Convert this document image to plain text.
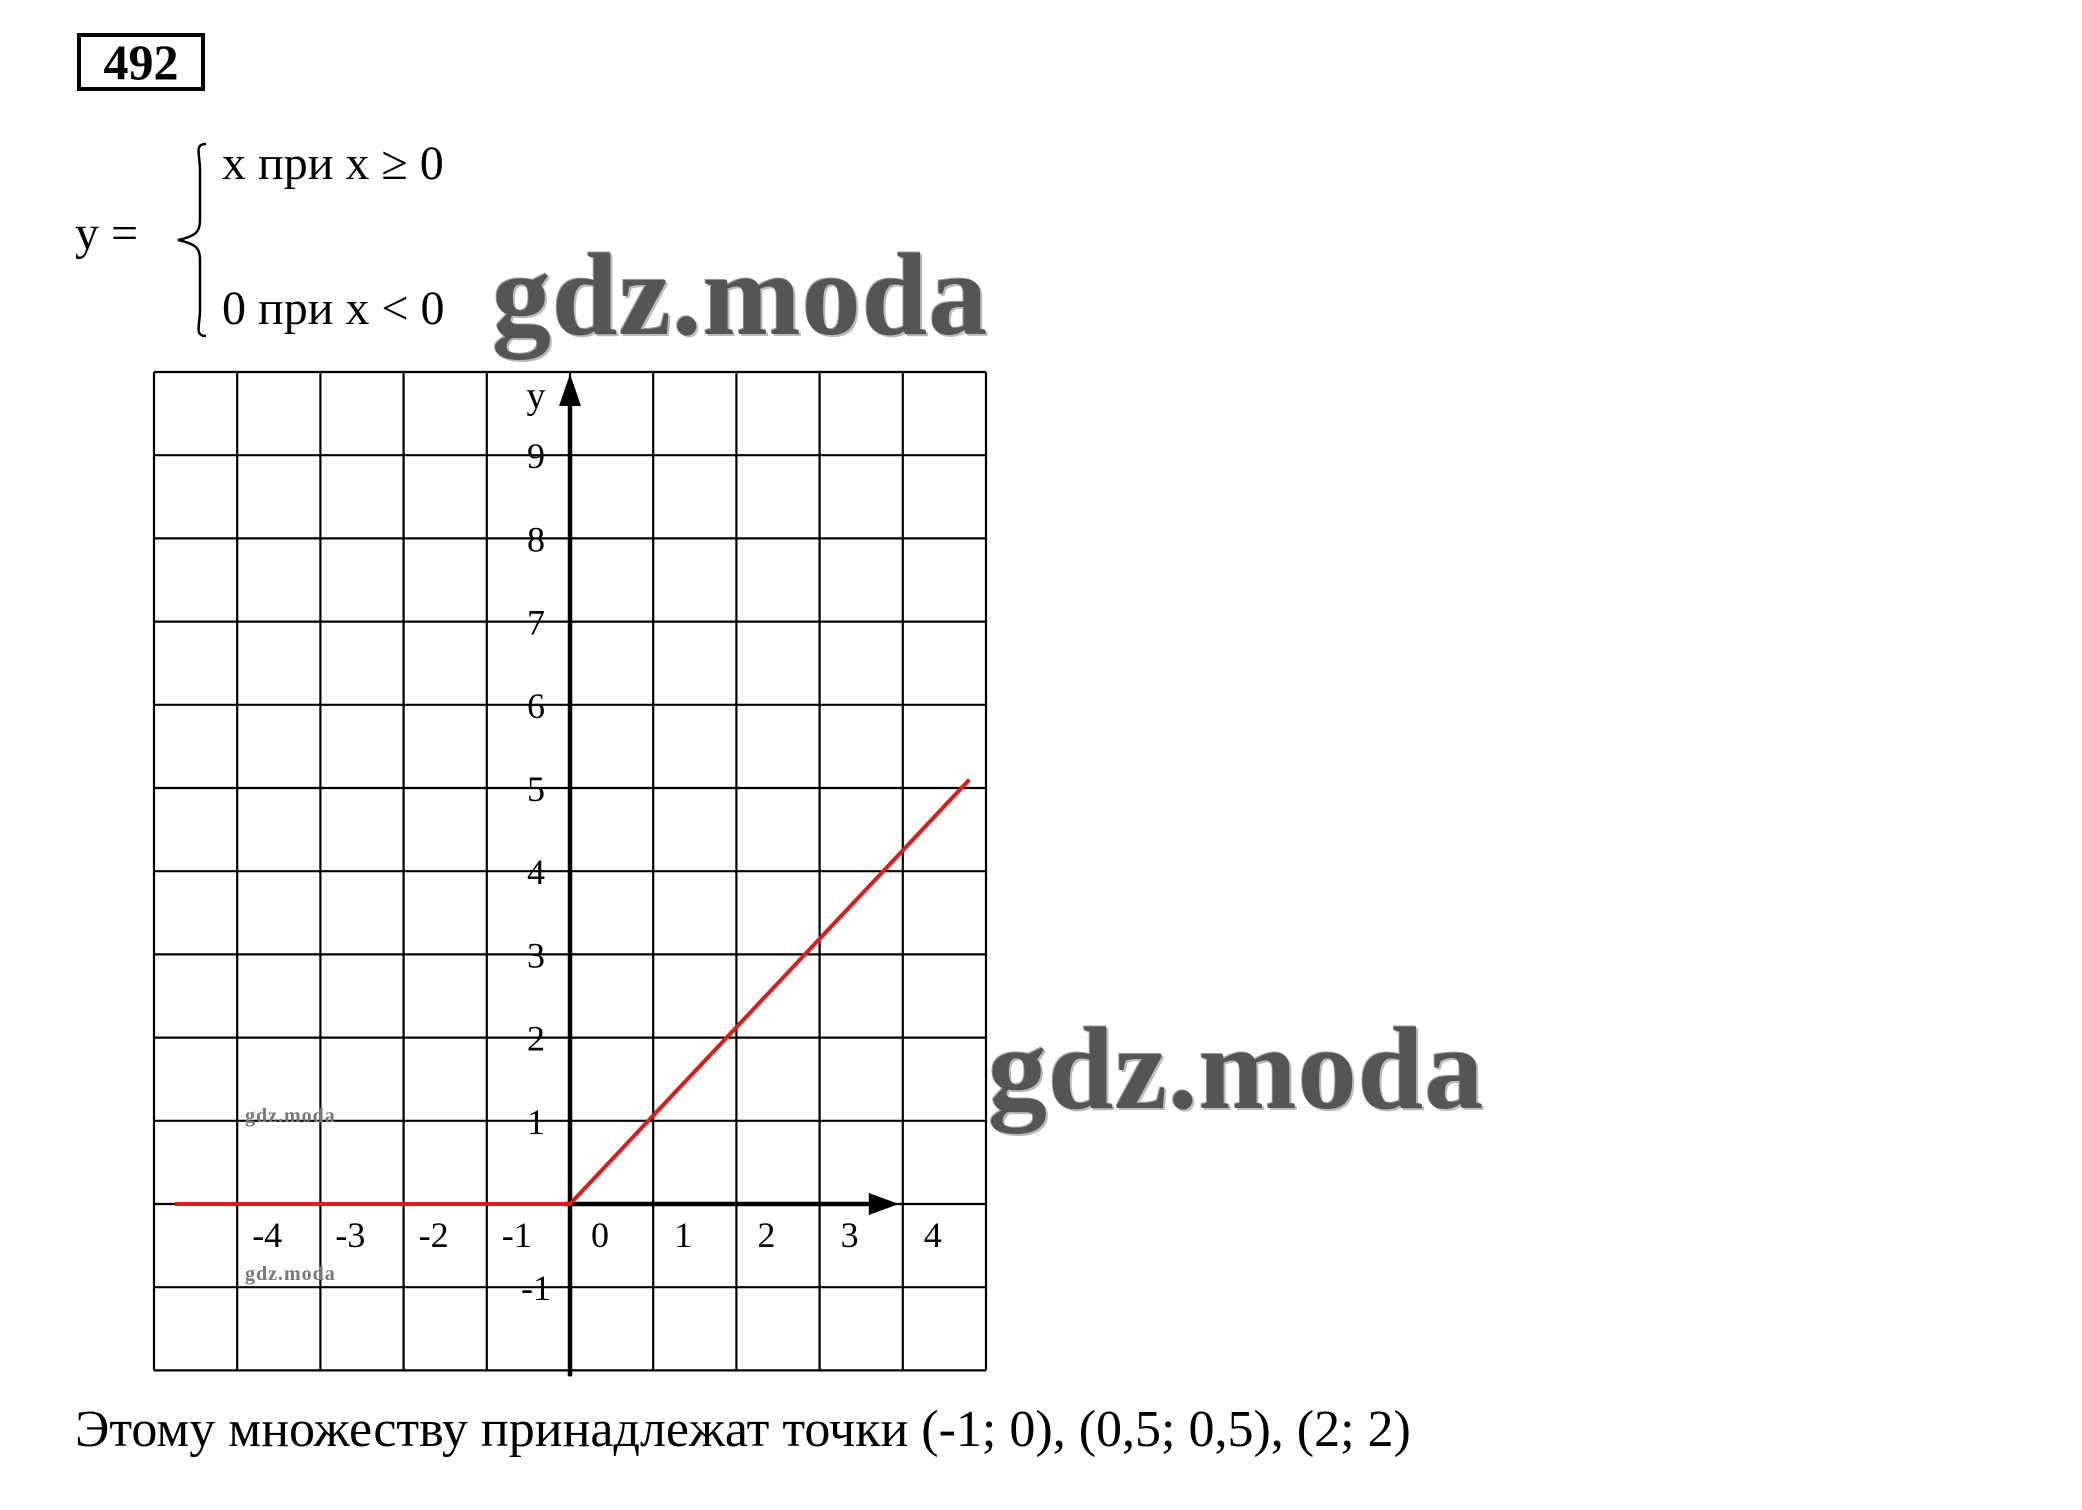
492
y =
x при x ≥ 0
0 при x < 0
y
-1
1
2
3
4
5
6
7
8
9
-4 -3 -2 -1 0 1 2 3 4
gdz.moda
gdz.moda
gdz.moda
gdz.moda
Этому множеству принадлежат точки (-1; 0), (0,5; 0,5), (2; 2)
